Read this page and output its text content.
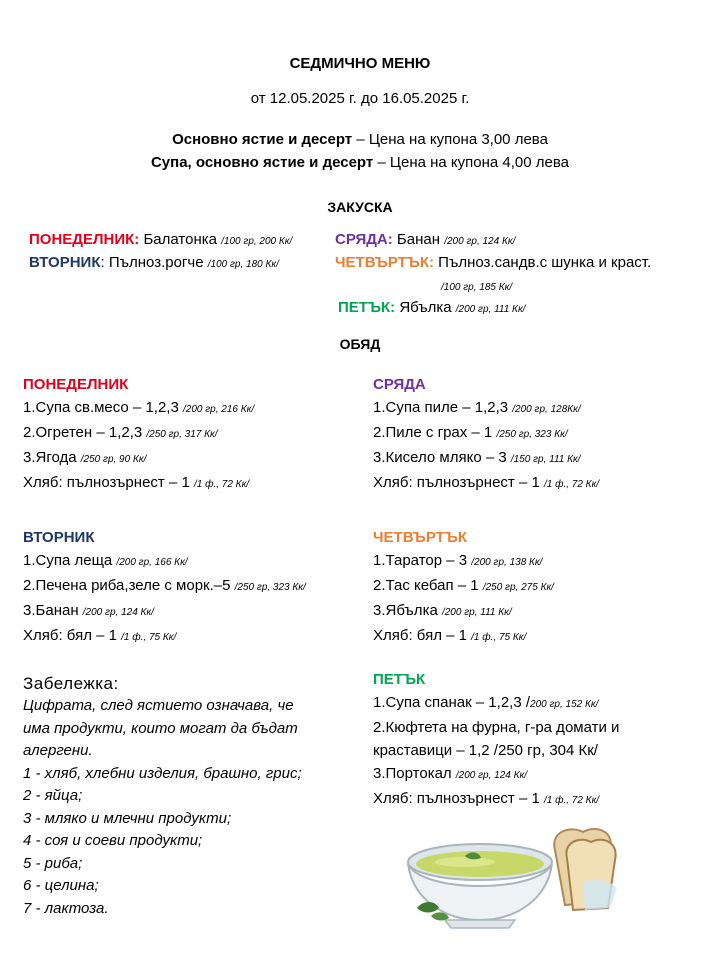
СЕДМИЧНО МЕНЮ
от 12.05.2025 г. до 16.05.2025 г.
Основно ястие и десерт – Цена на купона 3,00 лева
Супа, основно ястие и десерт – Цена на купона 4,00 лева
ЗАКУСКА
ПОНЕДЕЛНИК: Балатонка /100 гр, 200 Кк/
ВТОРНИК: Пълноз.рогче /100 гр, 180 Кк/
СРЯДА: Банан /200 гр, 124 Кк/
ЧЕТВЪРТЪК: Пълноз.сандв.с шунка и краст.
/100 гр, 185 Кк/
ПЕТЪК: Ябълка /200 гр, 111 Кк/
ОБЯД
ПОНЕДЕЛНИК
1.Супа св.месо – 1,2,3 /200 гр, 216 Кк/
2.Огретен – 1,2,3 /250 гр, 317 Кк/
3.Ягода /250 гр, 90 Кк/
Хляб: пълнозърнест – 1 /1 ф., 72 Кк/
ВТОРНИК
1.Супа леща /200 гр, 166 Кк/
2.Печена риба,зеле с морк.–5 /250 гр, 323 Кк/
3.Банан /200 гр, 124 Кк/
Хляб: бял – 1 /1 ф., 75 Кк/
СРЯДА
1.Супа пиле – 1,2,3 /200 гр, 128Кк/
2.Пиле с грах – 1 /250 гр, 323 Кк/
3.Кисело мляко – 3 /150 гр, 111 Кк/
Хляб: пълнозърнест – 1 /1 ф., 72 Кк/
ЧЕТВЪРТЪК
1.Таратор – 3 /200 гр, 138 Кк/
2.Тас кебап – 1 /250 гр, 275 Кк/
3.Ябълка /200 гр, 111 Кк/
Хляб: бял – 1 /1 ф., 75 Кк/
ПЕТЪК
1.Супа спанак – 1,2,3 /200 гр, 152 Кк/
2.Кюфтета на фурна, г-ра домати и
краставици – 1,2 /250 гр, 304 Кк/
3.Портокал /200 гр, 124 Кк/
Хляб: пълнозърнест – 1 /1 ф., 72 Кк/
Забележка:
Цифрата, след ястието означава, че
има продукти, които могат да бъдат
алергени.
1 - хляб, хлебни изделия, брашно, грис;
2 - яйца;
3 - мляко и млечни продукти;
4 - соя и соеви продукти;
5 - риба;
6 - целина;
7 - лактоза.
